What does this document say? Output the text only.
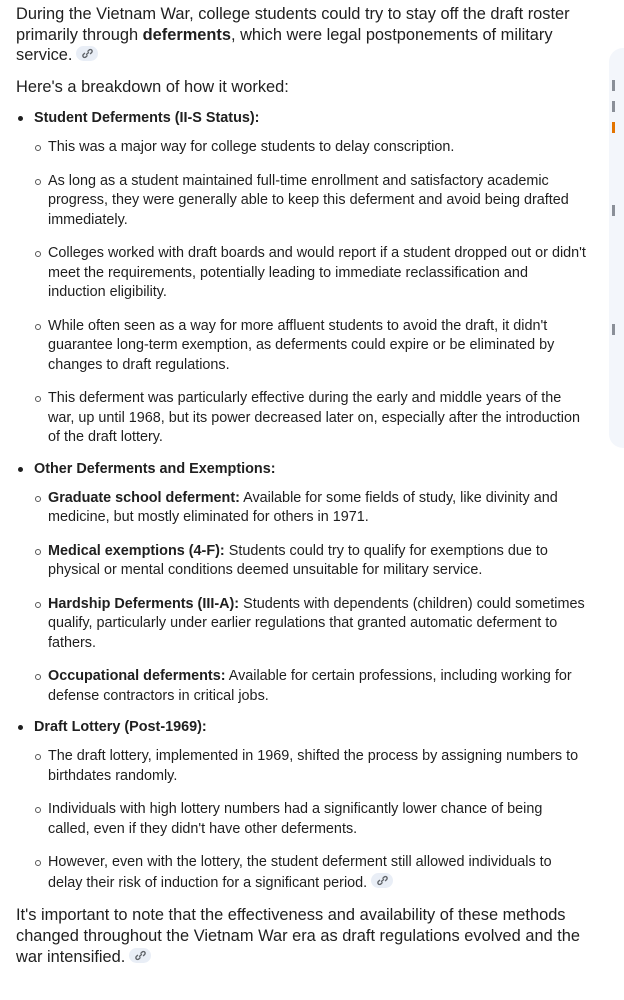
During the Vietnam War, college students could try to stay off the draft roster primarily through deferments, which were legal postponements of military service.

Here's a breakdown of how it worked:

Student Deferments (II-S Status):
This was a major way for college students to delay conscription.
As long as a student maintained full-time enrollment and satisfactory academic progress, they were generally able to keep this deferment and avoid being drafted immediately.
Colleges worked with draft boards and would report if a student dropped out or didn't meet the requirements, potentially leading to immediate reclassification and induction eligibility.
While often seen as a way for more affluent students to avoid the draft, it didn't guarantee long-term exemption, as deferments could expire or be eliminated by changes to draft regulations.
This deferment was particularly effective during the early and middle years of the war, up until 1968, but its power decreased later on, especially after the introduction of the draft lottery.
Other Deferments and Exemptions:
Graduate school deferment: Available for some fields of study, like divinity and medicine, but mostly eliminated for others in 1971.
Medical exemptions (4-F): Students could try to qualify for exemptions due to physical or mental conditions deemed unsuitable for military service.
Hardship Deferments (III-A): Students with dependents (children) could sometimes qualify, particularly under earlier regulations that granted automatic deferment to fathers.
Occupational deferments: Available for certain professions, including working for defense contractors in critical jobs.
Draft Lottery (Post-1969):
The draft lottery, implemented in 1969, shifted the process by assigning numbers to birthdates randomly.
Individuals with high lottery numbers had a significantly lower chance of being called, even if they didn't have other deferments.
However, even with the lottery, the student deferment still allowed individuals to delay their risk of induction for a significant period.

It's important to note that the effectiveness and availability of these methods changed throughout the Vietnam War era as draft regulations evolved and the war intensified.
